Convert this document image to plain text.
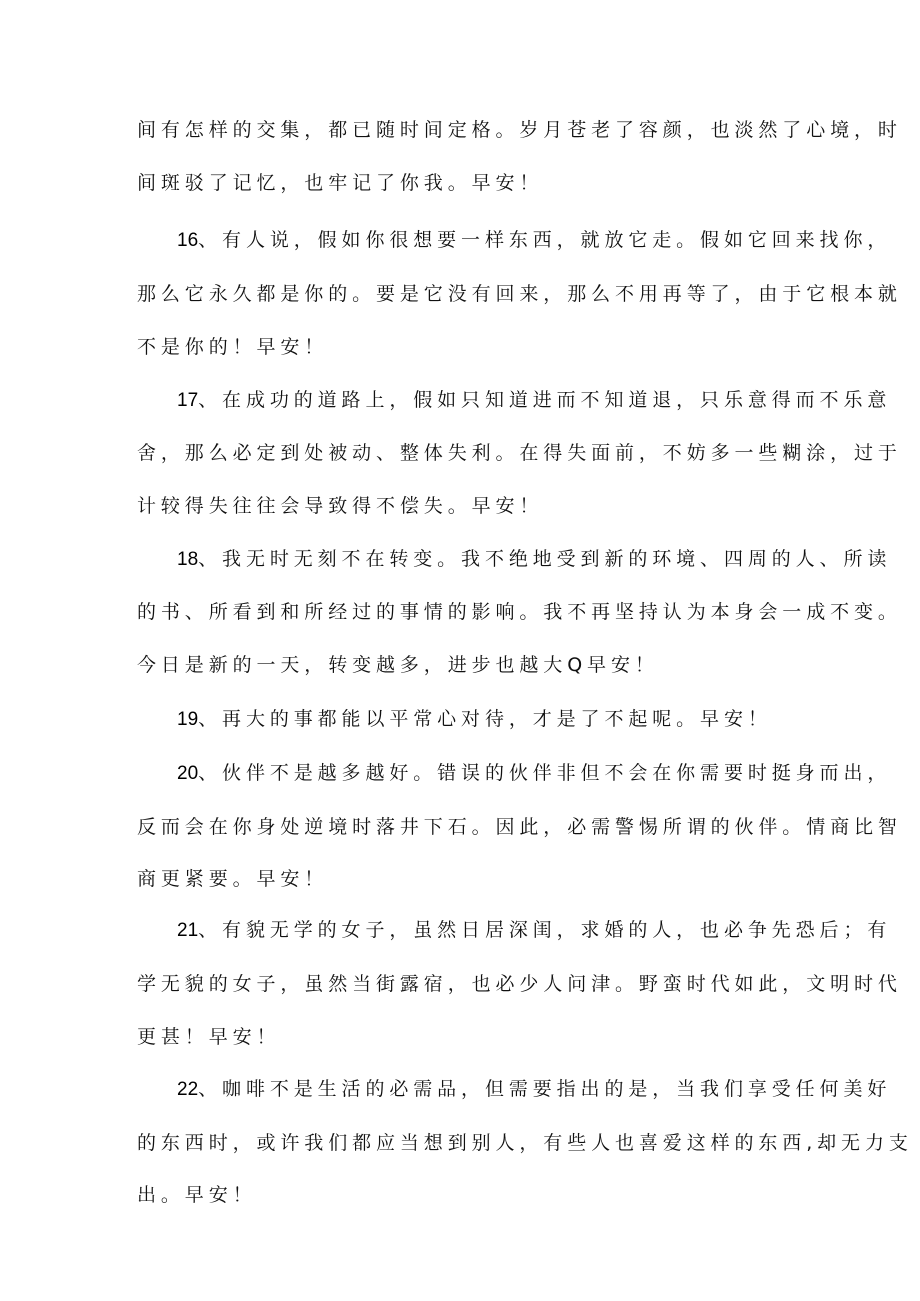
间有怎样的交集，都已随时间定格。岁月苍老了容颜，也淡然了心境，时
间斑驳了记忆，也牢记了你我。早安！
16、有人说，假如你很想要一样东西，就放它走。假如它回来找你，
那么它永久都是你的。要是它没有回来，那么不用再等了，由于它根本就
不是你的！早安！
17、在成功的道路上，假如只知道进而不知道退，只乐意得而不乐意
舍，那么必定到处被动、整体失利。在得失面前，不妨多一些糊涂，过于
计较得失往往会导致得不偿失。早安！
18、我无时无刻不在转变。我不绝地受到新的环境、四周的人、所读
的书、所看到和所经过的事情的影响。我不再坚持认为本身会一成不变。
今日是新的一天，转变越多，进步也越大Q早安！
19、再大的事都能以平常心对待，才是了不起呢。早安！
20、伙伴不是越多越好。错误的伙伴非但不会在你需要时挺身而出，
反而会在你身处逆境时落井下石。因此，必需警惕所谓的伙伴。情商比智
商更紧要。早安！
21、有貌无学的女子，虽然日居深闺，求婚的人，也必争先恐后；有
学无貌的女子，虽然当街露宿，也必少人问津。野蛮时代如此，文明时代
更甚！早安！
22、咖啡不是生活的必需品，但需要指出的是，当我们享受任何美好
的东西时，或许我们都应当想到别人，有些人也喜爱这样的东西,却无力支
出。早安！
